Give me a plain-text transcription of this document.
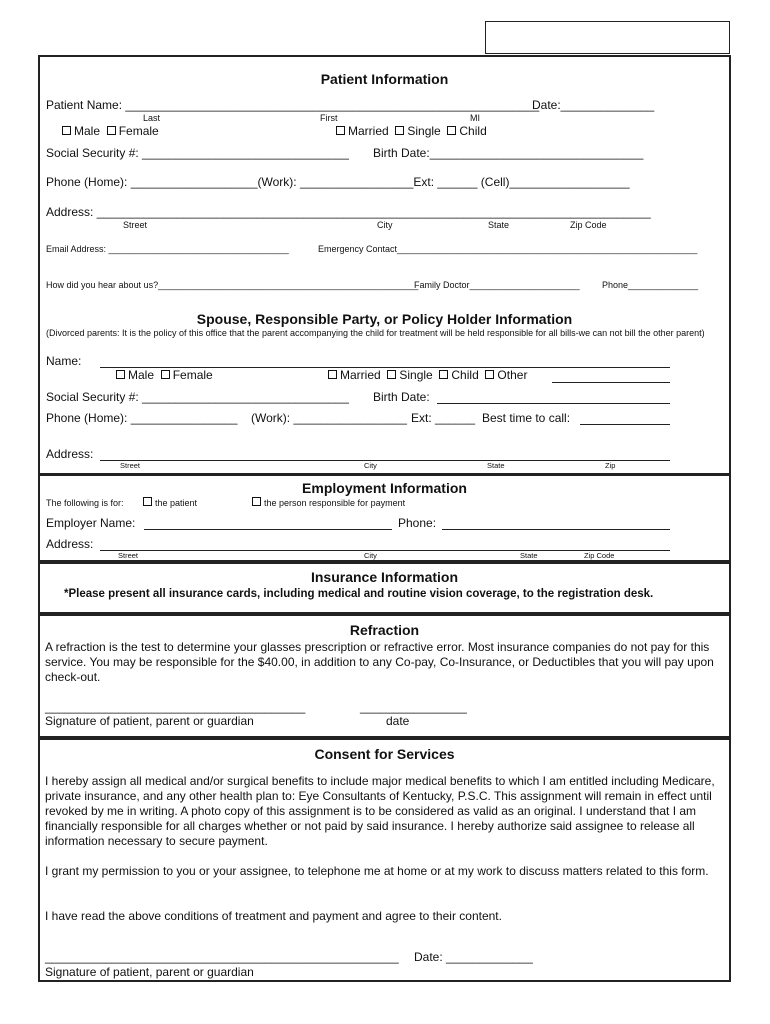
Patient Information
Patient Name: ______________________________________________________________
Date:______________
Last	First	MI
Male Female	Married Single Child
Social Security #: _______________________________ Birth Date:________________________________
Phone (Home): ___________________(Work): _________________Ext: ______ (Cell)__________________
Address: ___________________________________________________________________________________
Street	City	State	Zip Code
Email Address: ____________________________________	Emergency Contact____________________________________________________________
How did you hear about us?____________________________________________________
Family Doctor______________________ Phone______________
Spouse, Responsible Party, or Policy Holder Information
(Divorced parents: It is the policy of this office that the parent accompanying the child for treatment will be held responsible for all bills-we can not bill the other parent)
Name:
Male Female	Married Single Child Other
Social Security #: _______________________________ Birth Date:
Phone (Home): ________________ (Work): _________________ Ext: ______ Best time to call:
Address:
Street	City	State	Zip
Employment Information
The following is for:	the patient	the person responsible for payment
Employer Name:	Phone:
Address:
Street	City	State	Zip Code
Insurance Information
*Please present all insurance cards, including medical and routine vision coverage, to the registration desk.
Refraction
A refraction is the test to determine your glasses prescription or refractive error. Most insurance companies do not pay for this service. You may be responsible for the $40.00, in addition to any Co-pay, Co-Insurance, or Deductibles that you will pay upon check-out.
_______________________________________	________________
Signature of patient, parent or guardian	date
Consent for Services
I hereby assign all medical and/or surgical benefits to include major medical benefits to which I am entitled including Medicare, private insurance, and any other health plan to: Eye Consultants of Kentucky, P.S.C. This assignment will remain in effect until revoked by me in writing. A photo copy of this assignment is to be considered as valid as an original. I understand that I am financially responsible for all charges whether or not paid by said insurance. I hereby authorize said assignee to release all information necessary to secure payment.
I grant my permission to you or your assignee, to telephone me at home or at my work to discuss matters related to this form.
I have read the above conditions of treatment and payment and agree to their content.
_____________________________________________________ Date: _____________
Signature of patient, parent or guardian
